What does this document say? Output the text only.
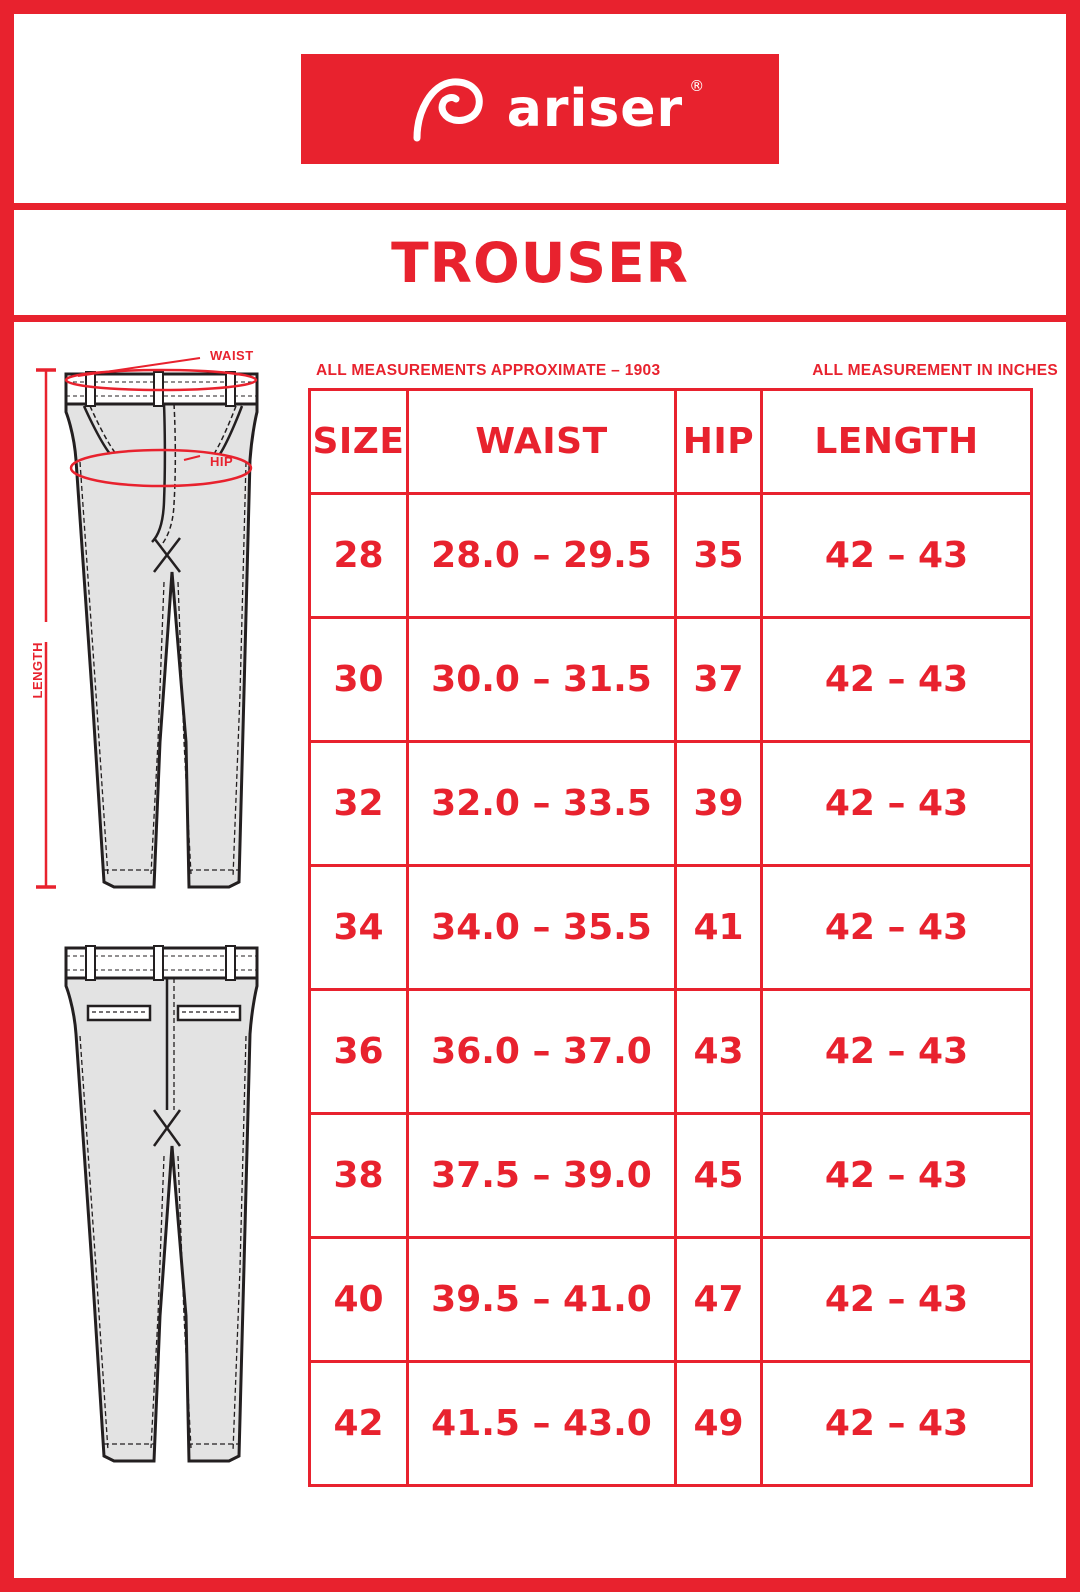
ariser ®
TROUSER
WAIST
HIP
LENGTH
ALL MEASUREMENTS APPROXIMATE – 1903	ALL MEASUREMENT IN INCHES
SIZE	WAIST	HIP	LENGTH
28	28.0 – 29.5	35	42 – 43
30	30.0 – 31.5	37	42 – 43
32	32.0 – 33.5	39	42 – 43
34	34.0 – 35.5	41	42 – 43
36	36.0 – 37.0	43	42 – 43
38	37.5 – 39.0	45	42 – 43
40	39.5 – 41.0	47	42 – 43
42	41.5 – 43.0	49	42 – 43
